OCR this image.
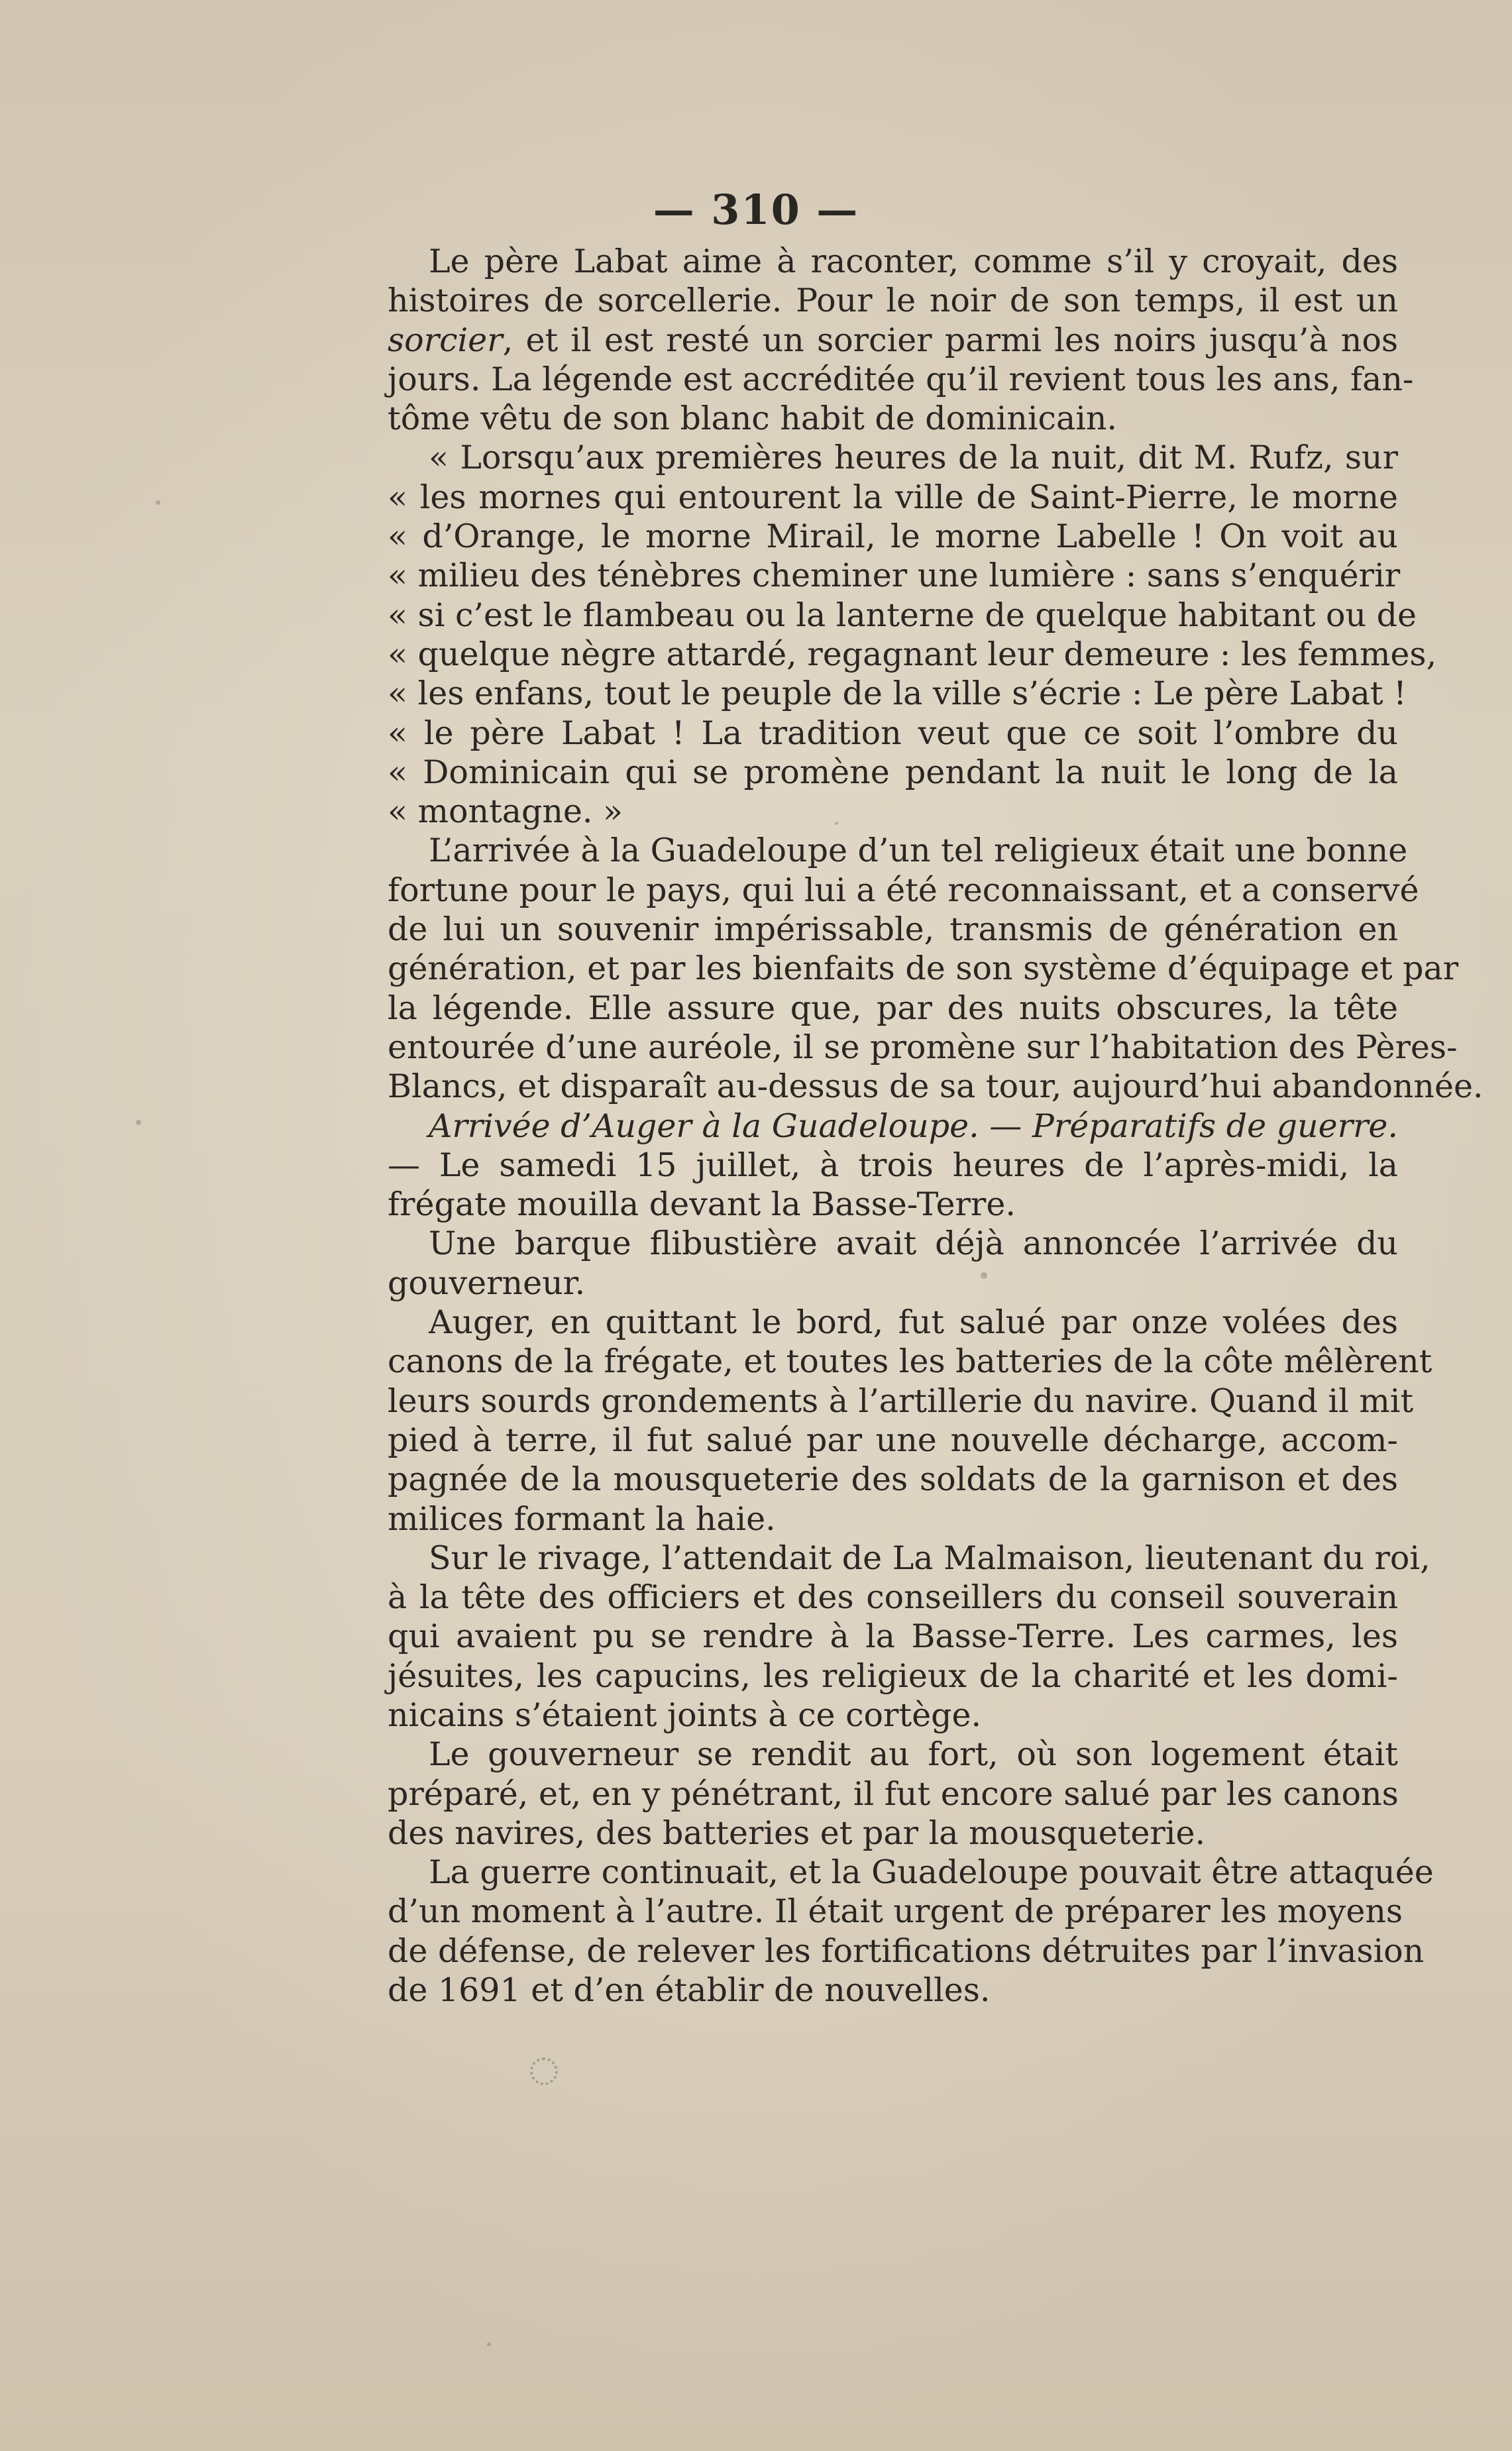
— 310 —
Le père Labat aime à raconter, comme s’il y croyait, des
histoires de sorcellerie. Pour le noir de son temps, il est un
sorcier, et il est resté un sorcier parmi les noirs jusqu’à nos
jours. La légende est accréditée qu’il revient tous les ans, fan-
tôme vêtu de son blanc habit de dominicain.
« Lorsqu’aux premières heures de la nuit, dit M. Rufz, sur
« les mornes qui entourent la ville de Saint-Pierre, le morne
« d’Orange, le morne Mirail, le morne Labelle ! On voit au
« milieu des ténèbres cheminer une lumière : sans s’enquérir
« si c’est le flambeau ou la lanterne de quelque habitant ou de
« quelque nègre attardé, regagnant leur demeure : les femmes,
« les enfans, tout le peuple de la ville s’écrie : Le père Labat !
« le père Labat ! La tradition veut que ce soit l’ombre du
« Dominicain qui se promène pendant la nuit le long de la
« montagne. »
L’arrivée à la Guadeloupe d’un tel religieux était une bonne
fortune pour le pays, qui lui a été reconnaissant, et a conservé
de lui un souvenir impérissable, transmis de génération en
génération, et par les bienfaits de son système d’équipage et par
la légende. Elle assure que, par des nuits obscures, la tête
entourée d’une auréole, il se promène sur l’habitation des Pères-
Blancs, et disparaît au-dessus de sa tour, aujourd’hui abandonnée.
Arrivée d’Auger à la Guadeloupe. — Préparatifs de guerre.
— Le samedi 15 juillet, à trois heures de l’après-midi, la
frégate mouilla devant la Basse-Terre.
Une barque flibustière avait déjà annoncée l’arrivée du
gouverneur.
Auger, en quittant le bord, fut salué par onze volées des
canons de la frégate, et toutes les batteries de la côte mêlèrent
leurs sourds grondements à l’artillerie du navire. Quand il mit
pied à terre, il fut salué par une nouvelle décharge, accom-
pagnée de la mousqueterie des soldats de la garnison et des
milices formant la haie.
Sur le rivage, l’attendait de La Malmaison, lieutenant du roi,
à la tête des officiers et des conseillers du conseil souverain
qui avaient pu se rendre à la Basse-Terre. Les carmes, les
jésuites, les capucins, les religieux de la charité et les domi-
nicains s’étaient joints à ce cortège.
Le gouverneur se rendit au fort, où son logement était
préparé, et, en y pénétrant, il fut encore salué par les canons
des navires, des batteries et par la mousqueterie.
La guerre continuait, et la Guadeloupe pouvait être attaquée
d’un moment à l’autre. Il était urgent de préparer les moyens
de défense, de relever les fortifications détruites par l’invasion
de 1691 et d’en établir de nouvelles.
